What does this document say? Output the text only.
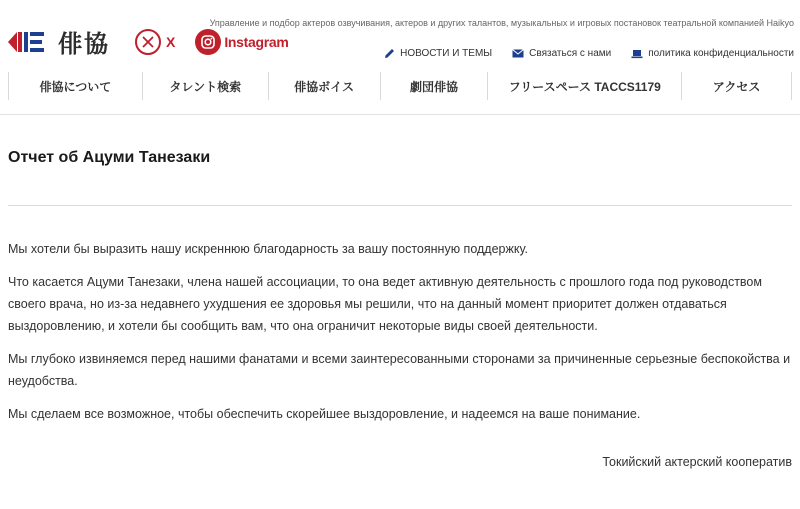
俳協	X	Instagram
Управление и подбор актеров озвучивания, актеров и других талантов, музыкальных и игровых постановок театральной компанией Haikyo
НОВОСТИ И ТЕМЫ	Связаться с нами	политика конфиденциальности
俳協について	タレント検索	俳協ボイス	劇団俳協	フリースペース TACCS1179	アクセス
Отчет об Ацуми Танезаки

Мы хотели бы выразить нашу искреннюю благодарность за вашу постоянную поддержку.

Что касается Ацуми Танезаки, члена нашей ассоциации, то она ведет активную деятельность с прошлого года под руководством своего врача, но из-за недавнего ухудшения ее здоровья мы решили, что на данный момент приоритет должен отдаваться выздоровлению, и хотели бы сообщить вам, что она ограничит некоторые виды своей деятельности.

Мы глубоко извиняемся перед нашими фанатами и всеми заинтересованными сторонами за причиненные серьезные беспокойства и неудобства.

Мы сделаем все возможное, чтобы обеспечить скорейшее выздоровление, и надеемся на ваше понимание.

Токийский актерский кооператив
